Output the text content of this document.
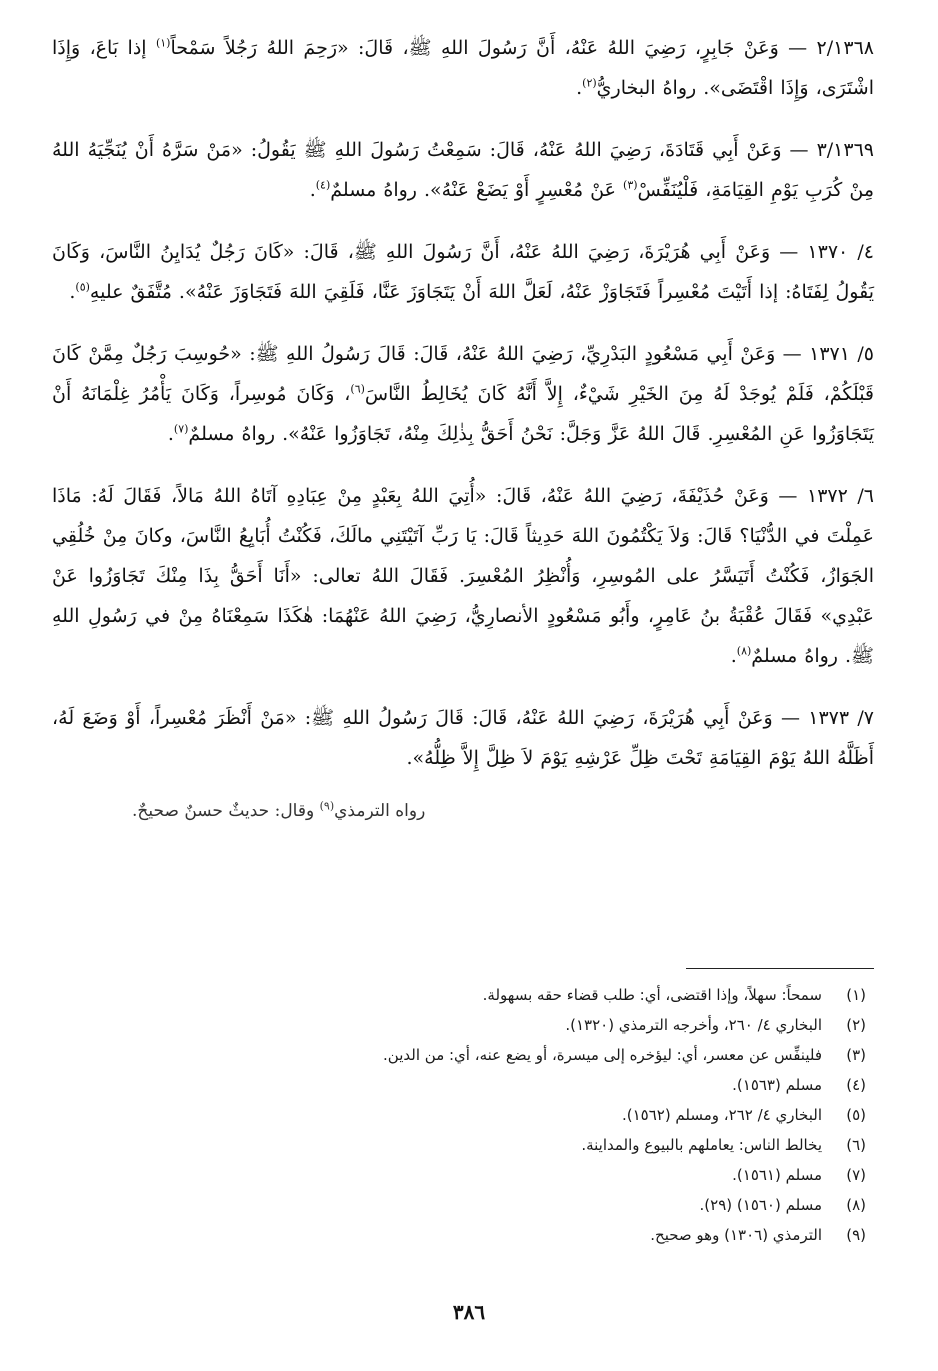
٢/١٣٦٨ — وَعَنْ جَابِرٍ، رَضِيَ اللهُ عَنْهُ، أَنَّ رَسُولَ اللهِ ﷺ، قَالَ: «رَحِمَ اللهُ رَجُلاً سَمْحاً$^{(١)}$ إذا بَاعَ، وَإِذَا اشْتَرَى، وَإِذَا اقْتَضَى». رواهُ البخاريُّ$^{(٢)}$.

٣/١٣٦٩ — وَعَنْ أَبِي قَتَادَةَ، رَضِيَ اللهُ عَنْهُ، قَالَ: سَمِعْتُ رَسُولَ اللهِ ﷺ يَقُولُ: «مَنْ سَرَّهُ أَنْ يُنَجِّيَهُ اللهُ مِنْ كُرَبِ يَوْمِ القِيَامَةِ، فَلْيُنَفِّسْ$^{(٣)}$ عَنْ مُعْسِرٍ أَوْ يَضَعْ عَنْهُ». رواهُ مسلمٌ$^{(٤)}$.

٤/ ١٣٧٠ — وَعَنْ أَبِي هُرَيْرَةَ، رَضِيَ اللهُ عَنْهُ، أَنَّ رَسُولَ اللهِ ﷺ، قَالَ: «كَانَ رَجُلٌ يُدَايِنُ النَّاسَ، وَكَانَ يَقُولُ لِفَتَاهُ: إذا أَتَيْتَ مُعْسِراً فَتَجَاوَزْ عَنْهُ، لَعَلَّ اللهَ أَنْ يَتَجَاوَزَ عَنَّا، فَلَقِيَ اللهَ فَتَجَاوَزَ عَنْهُ». مُتَّفَقٌ عليهِ$^{(٥)}$.

٥/ ١٣٧١ — وَعَنْ أَبِي مَسْعُودٍ البَدْرِيِّ، رَضِيَ اللهُ عَنْهُ، قَالَ: قَالَ رَسُولُ اللهِ ﷺ: «حُوسِبَ رَجُلٌ مِمَّنْ كَانَ قَبْلَكُمْ، فَلَمْ يُوجَدْ لَهُ مِنَ الخَيْرِ شَيْءٌ، إِلاَّ أَنَّهُ كَانَ يُخَالِطُ النَّاسَ$^{(٦)}$، وَكَانَ مُوسِراً، وَكَانَ يَأْمُرُ غِلْمَانَهُ أَنْ يَتَجَاوَزُوا عَنِ المُعْسِرِ. قَالَ اللهُ عَزَّ وَجَلَّ: نَحْنُ أَحَقُّ بِذٰلِكَ مِنْهُ، تَجَاوَزُوا عَنْهُ». رواهُ مسلمٌ$^{(٧)}$.

٦/ ١٣٧٢ — وَعَنْ حُذَيْفَةَ، رَضِيَ اللهُ عَنْهُ، قَالَ: «أُتِيَ اللهُ بِعَبْدٍ مِنْ عِبَادِهِ آتَاهُ اللهُ مَالاً، فَقَالَ لَهُ: مَاذَا عَمِلْتَ في الدُّنْيَا؟ قَالَ: وَلاَ يَكْتُمُونَ اللهَ حَدِيثاً قَالَ: يَا رَبِّ آتَيْتَنِي مالَكَ، فَكُنْتُ أُبَايِعُ النَّاسَ، وكانَ مِنْ خُلُقِي الجَوَازُ، فَكُنْتُ أَتَيَسَّرُ على المُوسِرِ، وَأُنْظِرُ المُعْسِرَ. فَقَالَ اللهُ تعالى: «أَنَا أَحَقُّ بِذَا مِنْكَ تَجَاوَزُوا عَنْ عَبْدِي» فَقَالَ عُقْبَةُ بنُ عَامِرٍ، وأَبُو مَسْعُودٍ الأنصارِيُّ، رَضِيَ اللهُ عَنْهُمَا: هٰكَذَا سَمِعْنَاهُ مِنْ في رَسُولِ اللهِ ﷺ. رواهُ مسلمٌ$^{(٨)}$.

٧/ ١٣٧٣ — وَعَنْ أَبِي هُرَيْرَةَ، رَضِيَ اللهُ عَنْهُ، قَالَ: قَالَ رَسُولُ اللهِ ﷺ: «مَنْ أَنْظَرَ مُعْسِراً، أَوْ وَضَعَ لَهُ، أَظَلَّهُ اللهُ يَوْمَ القِيَامَةِ تَحْتَ ظِلِّ عَرْشِهِ يَوْمَ لاَ ظِلَّ إِلاَّ ظِلُّهُ».

رواه الترمذي$^{(٩)}$ وقال: حديثٌ حسنٌ صحيحٌ.

(١)
سمحاً: سهلاً، وإذا اقتضى، أي: طلب قضاء حقه بسهولة.
(٢)
البخاري ٤/ ٢٦٠، وأخرجه الترمذي (١٣٢٠).
(٣)
فلينفِّس عن معسر، أي: ليؤخره إلى ميسرة، أو يضع عنه، أي: من الدين.
(٤)
مسلم (١٥٦٣).
(٥)
البخاري ٤/ ٢٦٢، ومسلم (١٥٦٢).
(٦)
يخالط الناس: يعاملهم بالبيوع والمداينة.
(٧)
مسلم (١٥٦١).
(٨)
مسلم (١٥٦٠) (٢٩).
(٩)
الترمذي (١٣٠٦) وهو صحيح.
٣٨٦
